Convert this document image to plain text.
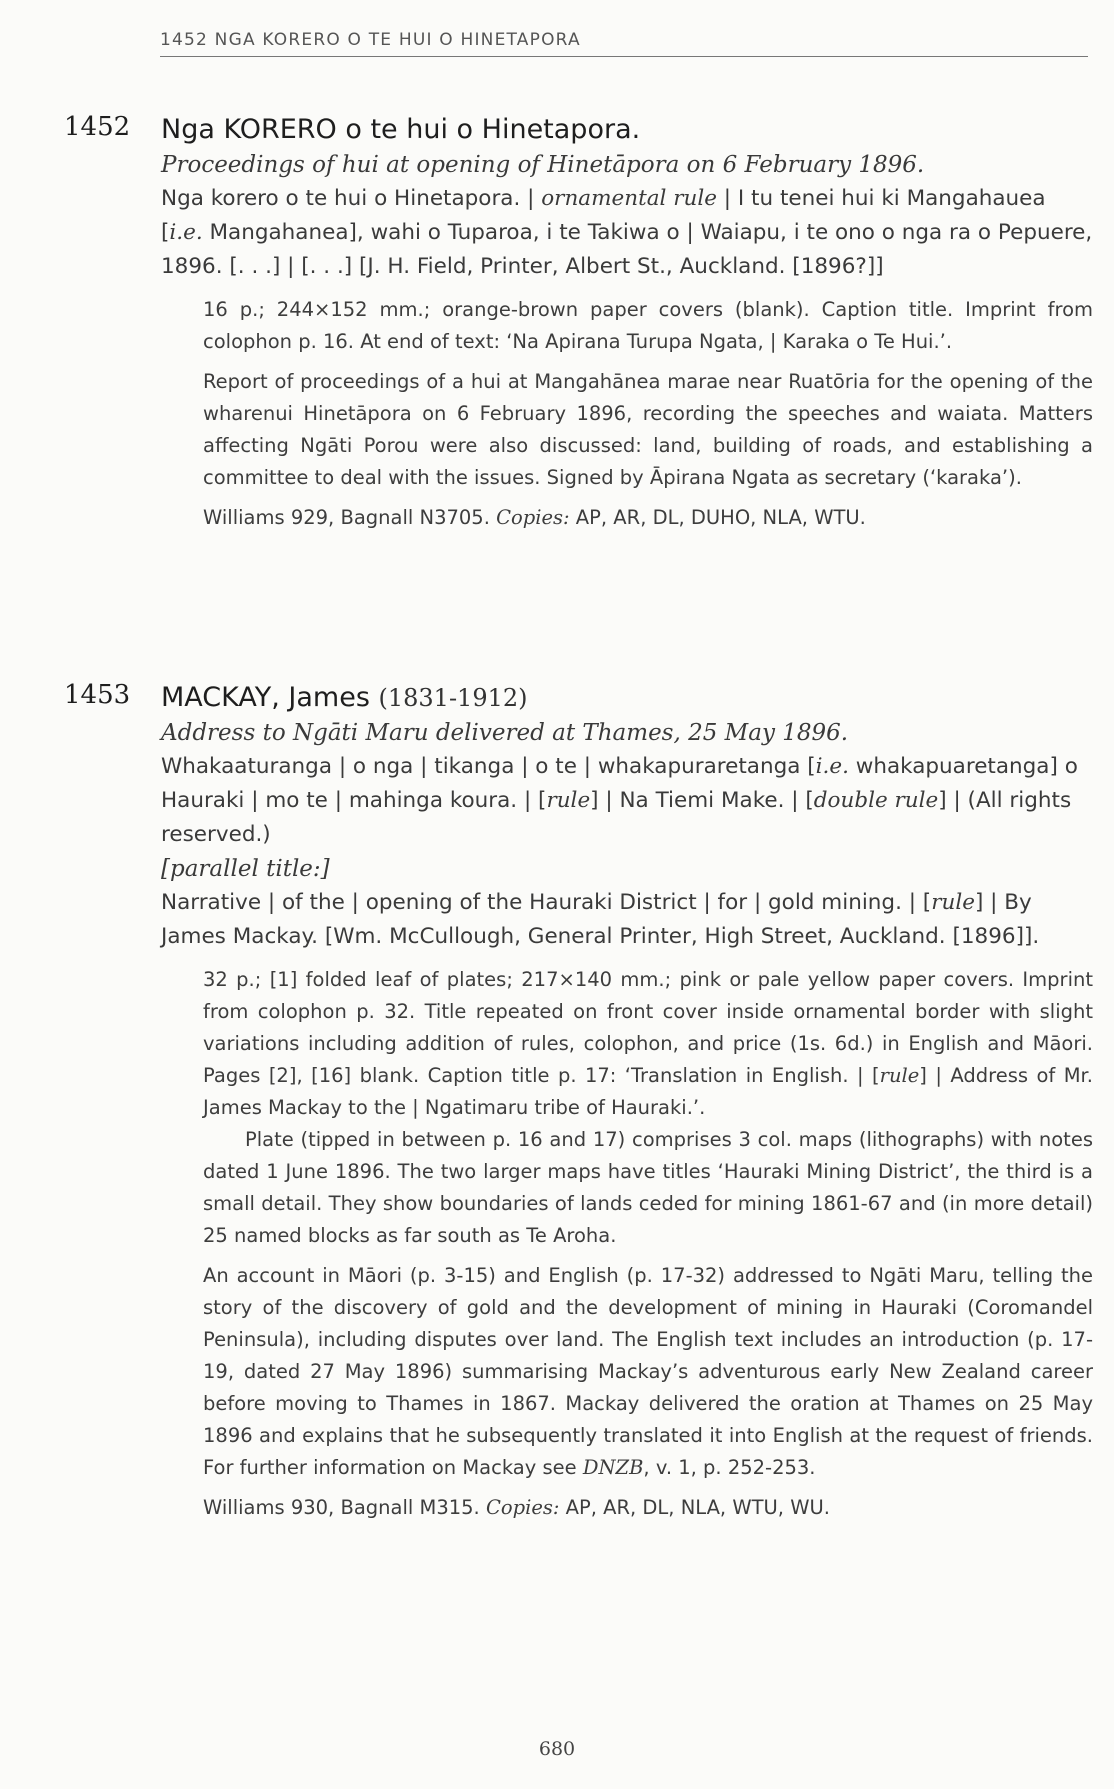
1452 NGA KORERO O TE HUI O HINETAPORA
1452 Nga KORERO o te hui o Hinetapora.
Proceedings of hui at opening of Hinetāpora on 6 February 1896.
Nga korero o te hui o Hinetapora. | ornamental rule | I tu tenei hui ki Mangahauea [i.e. Mangahanea], wahi o Tuparoa, i te Takiwa o | Waiapu, i te ono o nga ra o Pepuere, 1896. [. . .] | [. . .] [J. H. Field, Printer, Albert St., Auckland. [1896?]]

16 p.; 244×152 mm.; orange-brown paper covers (blank). Caption title. Imprint from colophon p. 16. At end of text: ‘Na Apirana Turupa Ngata, | Karaka o Te Hui.’.

Report of proceedings of a hui at Mangahānea marae near Ruatōria for the opening of the wharenui Hinetāpora on 6 February 1896, recording the speeches and waiata. Matters affecting Ngāti Porou were also discussed: land, building of roads, and establishing a committee to deal with the issues. Signed by Āpirana Ngata as secretary (‘karaka’).

Williams 929, Bagnall N3705. Copies: AP, AR, DL, DUHO, NLA, WTU.

1453 MACKAY, James (1831-1912)
Address to Ngāti Maru delivered at Thames, 25 May 1896.
Whakaaturanga | o nga | tikanga | o te | whakapuraretanga [i.e. whakapuaretanga] o Hauraki | mo te | mahinga koura. | [rule] | Na Tiemi Make. | [double rule] | (All rights reserved.)
[parallel title:]
Narrative | of the | opening of the Hauraki District | for | gold mining. | [rule] | By James Mackay. [Wm. McCullough, General Printer, High Street, Auckland. [1896]].

32 p.; [1] folded leaf of plates; 217×140 mm.; pink or pale yellow paper covers. Imprint from colophon p. 32. Title repeated on front cover inside ornamental border with slight variations including addition of rules, colophon, and price (1s. 6d.) in English and Māori. Pages [2], [16] blank. Caption title p. 17: ‘Translation in English. | [rule] | Address of Mr. James Mackay to the | Ngatimaru tribe of Hauraki.’.

Plate (tipped in between p. 16 and 17) comprises 3 col. maps (lithographs) with notes dated 1 June 1896. The two larger maps have titles ‘Hauraki Mining District’, the third is a small detail. They show boundaries of lands ceded for mining 1861-67 and (in more detail) 25 named blocks as far south as Te Aroha.

An account in Māori (p. 3-15) and English (p. 17-32) addressed to Ngāti Maru, telling the story of the discovery of gold and the development of mining in Hauraki (Coromandel Peninsula), including disputes over land. The English text includes an introduction (p. 17-19, dated 27 May 1896) summarising Mackay’s adventurous early New Zealand career before moving to Thames in 1867. Mackay delivered the oration at Thames on 25 May 1896 and explains that he subsequently translated it into English at the request of friends. For further information on Mackay see DNZB, v. 1, p. 252-253.

Williams 930, Bagnall M315. Copies: AP, AR, DL, NLA, WTU, WU.

680
